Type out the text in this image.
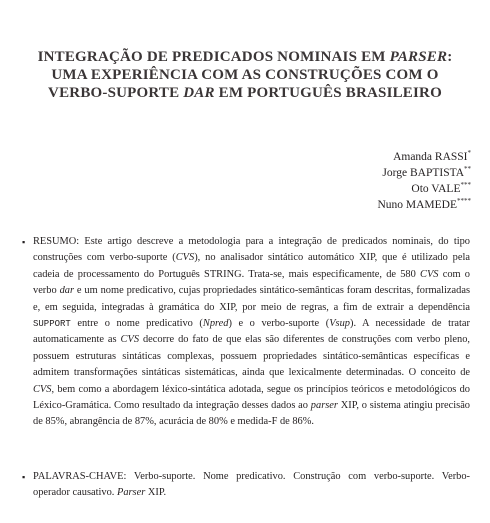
INTEGRAÇÃO DE PREDICADOS NOMINAIS EM PARSER:
UMA EXPERIÊNCIA COM AS CONSTRUÇÕES COM O
VERBO-SUPORTE DAR EM PORTUGUÊS BRASILEIRO
Amanda RASSI*
Jorge BAPTISTA**
Oto VALE***
Nuno MAMEDE****
▪ RESUMO: Este artigo descreve a metodologia para a integração de predicados nominais, do tipo construções com verbo-suporte (CVS), no analisador sintático automático XIP, que é utilizado pela cadeia de processamento do Português STRING. Trata-se, mais especificamente, de 580 CVS com o verbo dar e um nome predicativo, cujas propriedades sintático-semânticas foram descritas, formalizadas e, em seguida, integradas à gramática do XIP, por meio de regras, a fim de extrair a dependência SUPPORT entre o nome predicativo (Npred) e o verbo-suporte (Vsup). A necessidade de tratar automaticamente as CVS decorre do fato de que elas são diferentes de construções com verbo pleno, possuem estruturas sintáticas complexas, possuem propriedades sintático-semânticas específicas e admitem transformações sintáticas sistemáticas, ainda que lexicalmente determinadas. O conceito de CVS, bem como a abordagem léxico-sintática adotada, segue os princípios teóricos e metodológicos do Léxico-Gramática. Como resultado da integração desses dados ao parser XIP, o sistema atingiu precisão de 85%, abrangência de 87%, acurácia de 80% e medida-F de 86%.

▪ PALAVRAS-CHAVE: Verbo-suporte. Nome predicativo. Construção com verbo-suporte. Verbo-operador causativo. Parser XIP.
